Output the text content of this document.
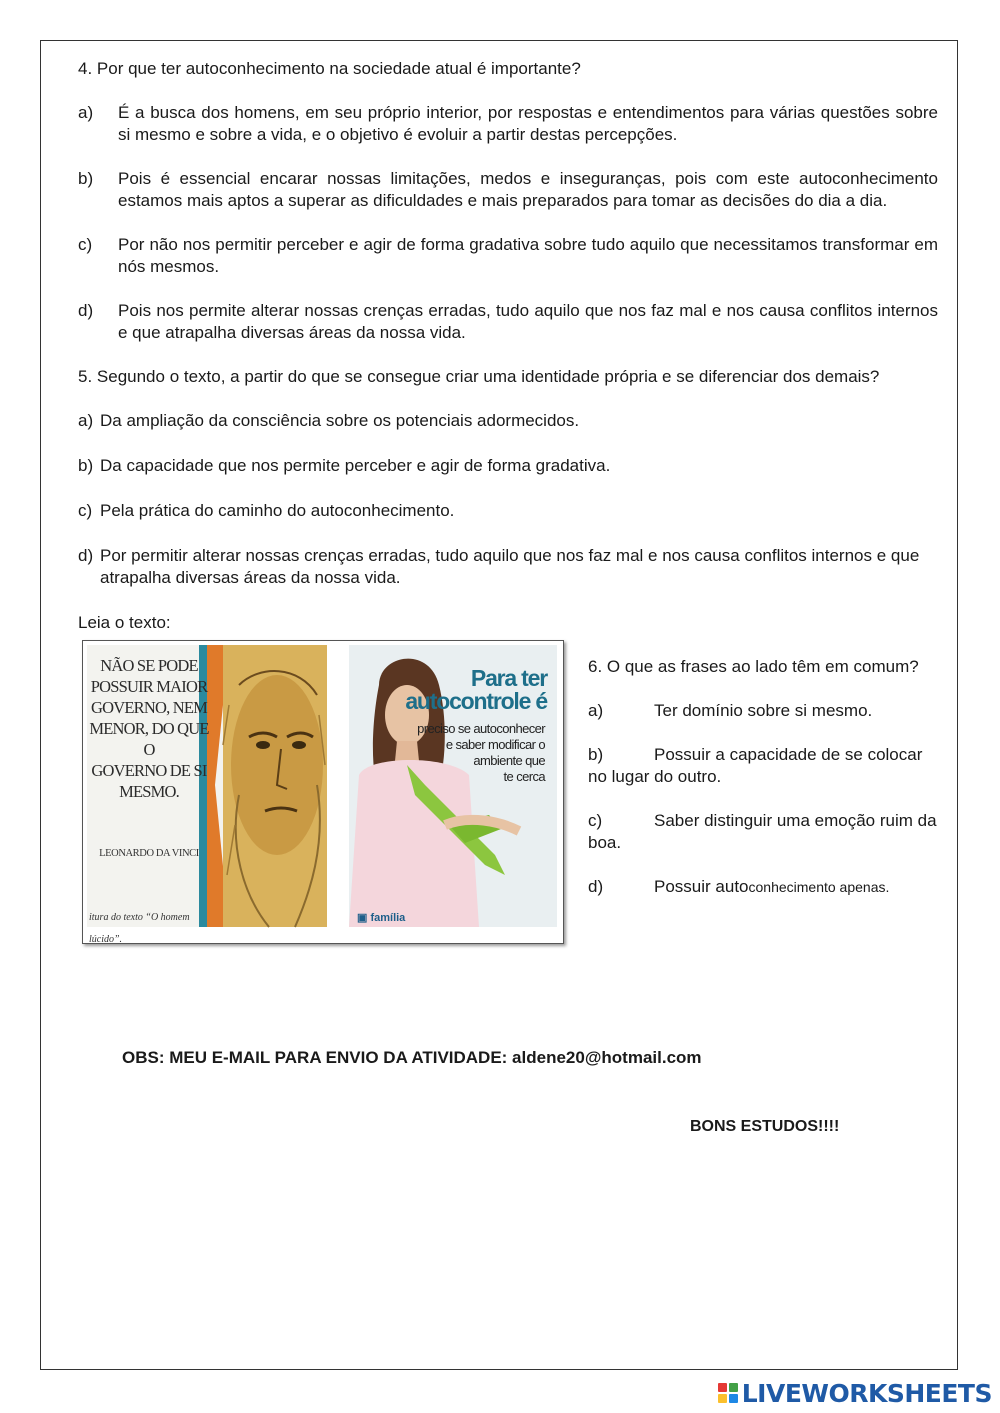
4. Por que ter autoconhecimento na sociedade atual é importante?

a)	É a busca dos homens, em seu próprio interior, por respostas e entendimentos para várias questões sobre si mesmo e sobre a vida, e o objetivo é evoluir a partir destas percepções.
b)	Pois é essencial encarar nossas limitações, medos e inseguranças, pois com este autoconhecimento estamos mais aptos a superar as dificuldades e mais preparados para tomar as decisões do dia a dia.
c)	Por não nos permitir perceber e agir de forma gradativa sobre tudo aquilo que necessitamos transformar em nós mesmos.
d)	Pois nos permite alterar nossas crenças erradas, tudo aquilo que nos faz mal e nos causa conflitos internos e que atrapalha diversas áreas da nossa vida.

5. Segundo o texto, a partir do que se consegue criar uma identidade própria e se diferenciar dos demais?

a) Da ampliação da consciência sobre os potenciais adormecidos.
b) Da capacidade que nos permite perceber e agir de forma gradativa.
c) Pela prática do caminho do autoconhecimento.
d) Por permitir alterar nossas crenças erradas, tudo aquilo que nos faz mal e nos causa conflitos internos e que atrapalha diversas áreas da nossa vida.

Leia o texto:

NÃO SE PODE
POSSUIR MAIOR
GOVERNO, NEM
MENOR, DO QUE O
GOVERNO DE SI
MESMO.
LEONARDO DA VINCI
itura do texto “O homem lúcido”.
Para ter
autocontrole é
preciso se autoconhecer
e saber modificar o
ambiente que
te cerca
▣ família

6. O que as frases ao lado têm em comum?

a)	Ter domínio sobre si mesmo.
b)	Possuir a capacidade de se colocar no lugar do outro.
c)	Saber distinguir uma emoção ruim da boa.
d)	Possuir autoconhecimento apenas.
OBS: MEU E-MAIL PARA ENVIO DA ATIVIDADE: aldene20@hotmail.com
BONS ESTUDOS!!!!
LIVEWORKSHEETS
